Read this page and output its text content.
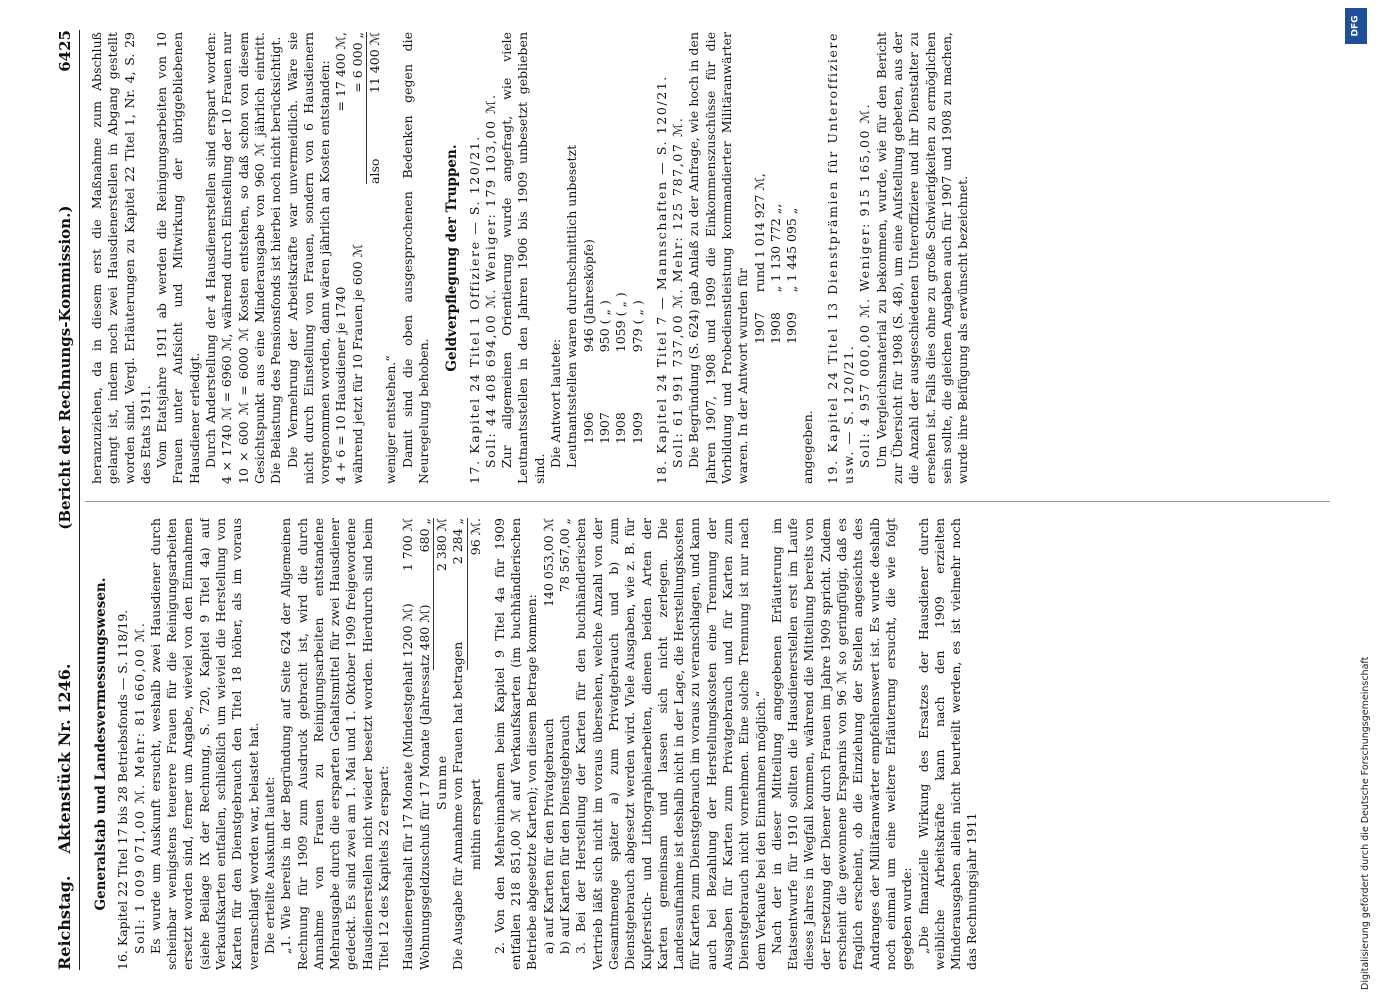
Reichstag.
Aktenstück Nr. 1246.
(Bericht der Rechnungs-Kommission.)
6425
Generalstab und Landesvermessungswesen. 16. Kapitel 22 Titel 17 bis 28 Betriebsfonds — S. 118/19. Soll: 1 009 071,00 ℳ. Mehr: 81 660,00 ℳ. Es wurde um Auskunft ersucht, weshalb zwei Hausdiener durch scheinbar wenigstens teuerere Frauen für die Reinigungsarbeiten ersetzt worden sind, ferner um Angabe, wieviel von den Einnahmen (siehe Beilage IX der Rechnung, S. 720, Kapitel 9 Titel 4a) auf Verkaufskarten entfallen, schließlich um wieviel die Herstellung von Karten für den Dienstgebrauch den Titel 18 höher, als im voraus veranschlagt worden war, belastet hat. Die erteilte Auskunft lautet: „1. Wie bereits in der Begründung auf Seite 624 der Allgemeinen Rechnung für 1909 zum Ausdruck gebracht ist, wird die durch Annahme von Frauen zu Reinigungsarbeiten entstandene Mehrausgabe durch die ersparten Gehaltsmittel für zwei Hausdiener gedeckt. Es sind zwei am 1. Mai und 1. Oktober 1909 freigewordene Hausdienerstellen nicht wieder besetzt worden. Hierdurch sind beim Titel 12 des Kapitels 22 erspart: Hausdienergehalt für 17 Monate (Mindestgehalt 1200 ℳ)
1 700 ℳ
Wohnungsgeldzuschuß für 17 Monate (Jahressatz 480 ℳ)
680 „
Summe
2 380 ℳ
Die Ausgabe für Annahme von Frauen hat betragen
2 284 „
mithin erspart
96 ℳ. 2. Von den Mehreinnahmen beim Kapitel 9 Titel 4a für 1909 entfallen 218 851,00 ℳ auf Verkaufskarten (im buchhändlerischen Betriebe abgesetzte Karten); von diesem Betrage kommen: a) auf Karten für den Privatgebrauch
140 053,00 ℳ
b) auf Karten für den Dienstgebrauch
78 567,00 „ 3. Bei der Herstellung der Karten für den buchhändlerischen Vertrieb läßt sich nicht im voraus übersehen, welche Anzahl von der Gesamtmenge später a) zum Privatgebrauch und b) zum Dienstgebrauch abgesetzt werden wird. Viele Ausgaben, wie z. B. für Kupferstich- und Lithographiearbeiten, dienen beiden Arten der Karten gemeinsam und lassen sich nicht zerlegen. Die Landesaufnahme ist deshalb nicht in der Lage, die Herstellungskosten für Karten zum Dienstgebrauch im voraus zu veranschlagen, und kann auch bei Bezahlung der Herstellungskosten eine Trennung der Ausgaben für Karten zum Privatgebrauch und für Karten zum Dienstgebrauch nicht vornehmen. Eine solche Trennung ist nur nach dem Verkaufe bei den Einnahmen möglich.“ Nach der in dieser Mitteilung angegebenen Erläuterung im Etatsentwurfe für 1910 sollten die Hausdienerstellen erst im Laufe dieses Jahres in Wegfall kommen, während die Mitteilung bereits von der Ersetzung der Diener durch Frauen im Jahre 1909 spricht. Zudem erscheint die gewonnene Ersparnis von 96 ℳ so geringfügig, daß es fraglich erscheint, ob die Einziehung der Stellen angesichts des Andranges der Militäranwärter empfehlenswert ist. Es wurde deshalb noch einmal um eine weitere Erläuterung ersucht, die wie folgt gegeben wurde: „Die finanzielle Wirkung des Ersatzes der Hausdiener durch weibliche Arbeitskräfte kann nach den 1909 erzielten Minderausgaben allein nicht beurteilt werden, es ist vielmehr noch das Rechnungsjahr 1911

heranzuziehen, da in diesem erst die Maßnahme zum Abschluß gelangt ist, indem noch zwei Hausdienerstellen in Abgang gestellt worden sind. Vergl. Erläuterungen zu Kapitel 22 Titel 1, Nr. 4, S. 29 des Etats 1911. Vom Etatsjahre 1911 ab werden die Reinigungsarbeiten von 10 Frauen unter Aufsicht und Mitwirkung der übriggebliebenen Hausdiener erledigt. Durch Anderstellung der 4 Hausdienerstellen sind erspart worden: 4 × 1740 ℳ = 6960 ℳ, während durch Einstellung der 10 Frauen nur 10 × 600 ℳ = 6000 ℳ Kosten entstehen, so daß schon von diesem Gesichtspunkt aus eine Minderausgabe von 960 ℳ jährlich eintritt. Die Belastung des Pensionsfonds ist hierbei noch nicht berücksichtigt. Die Vermehrung der Arbeitskräfte war unvermeidlich. Wäre sie nicht durch Einstellung von Frauen, sondern von 6 Hausdienern vorgenommen worden, dann wären jährlich an Kosten entstanden: 4 + 6 = 10 Hausdiener je 1740
= 17 400 ℳ,
während jetzt für 10 Frauen je 600 ℳ
= 6 000 „
also
11 400 ℳ

weniger entstehen.“ Damit sind die oben ausgesprochenen Bedenken gegen die Neuregelung behoben.

Geldverpflegung der Truppen. 17. Kapitel 24 Titel 1 Offiziere — S. 120/21. Soll: 44 408 694,00 ℳ. Weniger: 179 103,00 ℳ. Zur allgemeinen Orientierung wurde angefragt, wie viele Leutnantsstellen in den Jahren 1906 bis 1909 unbesetzt geblieben sind.

Die Antwort lautete: Leutnantsstellen waren durchschnittlich unbesetzt 1906
946 (Jahresköpfe)
1907
950 ( „ )
1908
1059 ( „ )
1909
979 ( „ ) 18. Kapitel 24 Titel 7 — Mannschaften — S. 120/21. Soll: 61 991 737,00 ℳ. Mehr: 125 787,07 ℳ. Die Begründung (S. 624) gab Anlaß zu der Anfrage, wie hoch in den Jahren 1907, 1908 und 1909 die Einkommenszuschüsse für die Vorbildung und Probedienstleistung kommandierter Militäranwärter waren. In der Antwort wurden für 1907
rund 1 014 927 ℳ,
1908
„ 1 130 772 „,
1909
„ 1 445 095 „

angegeben. 19. Kapitel 24 Titel 13 Dienstprämien für Unteroffiziere usw. — S. 120/21. Soll: 4 957 000,00 ℳ. Weniger: 915 165,00 ℳ. Um Vergleichsmaterial zu bekommen, wurde, wie für den Bericht zur Übersicht für 1908 (S. 48), um eine Aufstellung gebeten, aus der die Anzahl der ausgeschiedenen Unteroffiziere und ihr Dienstalter zu ersehen ist. Falls dies ohne zu große Schwierigkeiten zu ermöglichen sein sollte, die gleichen Angaben auch für 1907 und 1908 zu machen, wurde ihre Beifügung als erwünscht bezeichnet.

DFG
Digitalisierung gefördert durch die Deutsche Forschungsgemeinschaft
